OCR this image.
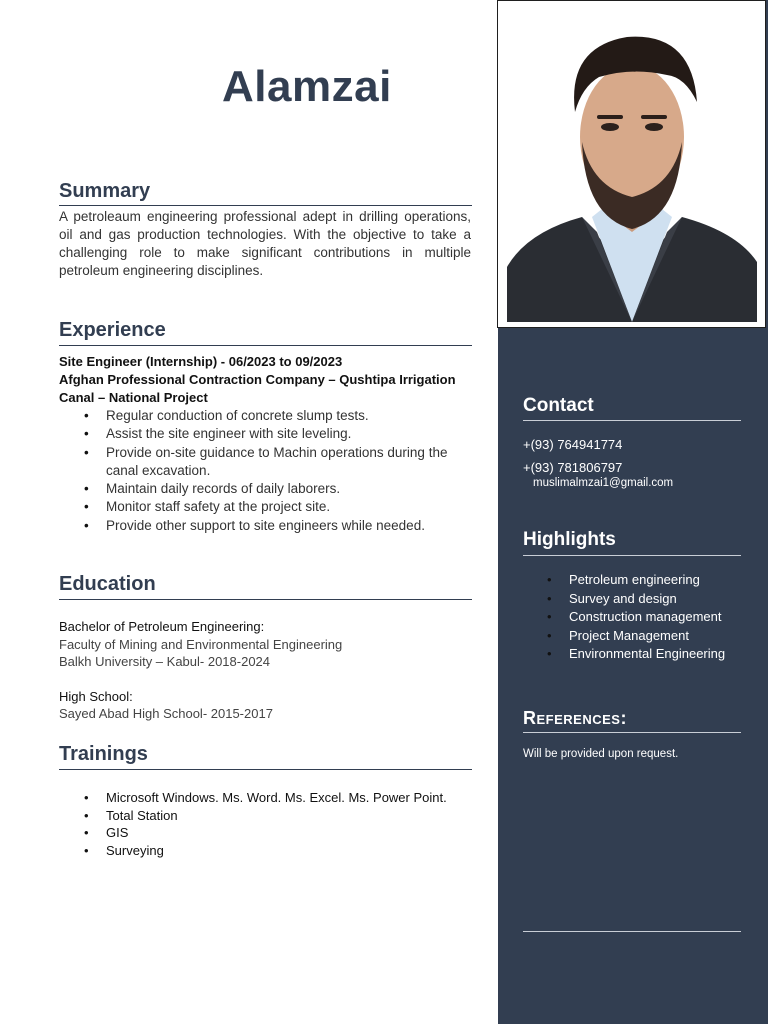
Alamzai
Summary
A petroleaum engineering professional adept in drilling operations, oil and gas production technologies. With the objective to take a challenging role to make significant contributions in multiple petroleum engineering disciplines.
Experience
Site Engineer (Internship) - 06/2023 to 09/2023
Afghan Professional Contraction Company – Qushtipa Irrigation
Canal – National Project
• Regular conduction of concrete slump tests.
• Assist the site engineer with site leveling.
• Provide on-site guidance to Machin operations during the canal excavation.
• Maintain daily records of daily laborers.
• Monitor staff safety at the project site.
• Provide other support to site engineers while needed.
Education
Bachelor of Petroleum Engineering:
Faculty of Mining and Environmental Engineering
Balkh University – Kabul- 2018-2024
High School:
Sayed Abad High School- 2015-2017
Trainings
• Microsoft Windows. Ms. Word. Ms. Excel. Ms. Power Point.
• Total Station
• GIS
• Surveying
Contact
+(93) 764941774
+(93) 781806797
muslimalmzai1@gmail.com
Highlights
• Petroleum engineering
• Survey and design
• Construction management
• Project Management
• Environmental Engineering
References:
Will be provided upon request.
